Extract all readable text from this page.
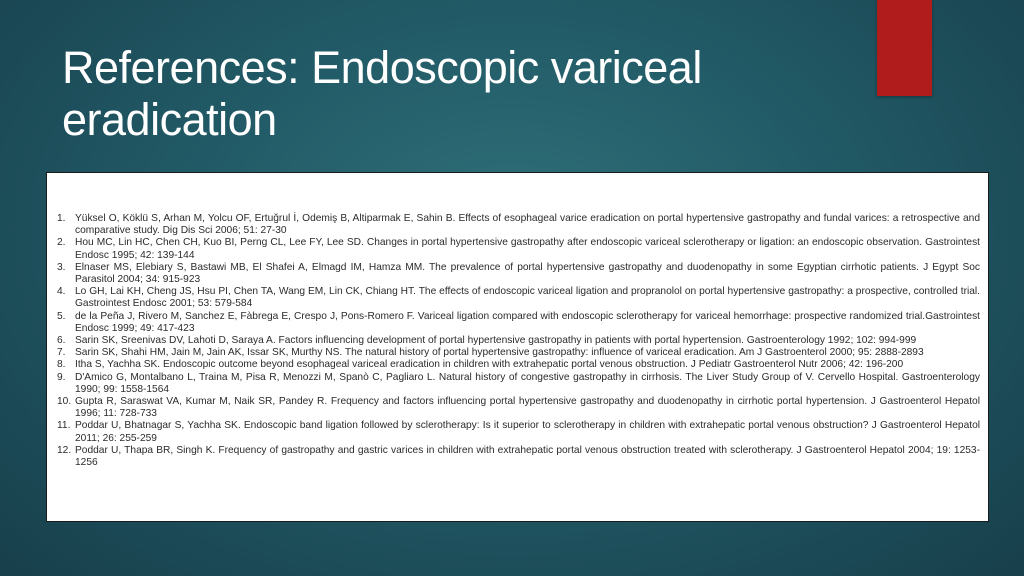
References: Endoscopic variceal
eradication
1. Yüksel O, Köklü S, Arhan M, Yolcu OF, Ertuğrul İ, Odemiş B, Altiparmak E, Sahin B. Effects of esophageal varice eradication on portal hypertensive gastropathy and fundal varices: a retrospective and comparative study. Dig Dis Sci 2006; 51: 27-30
2. Hou MC, Lin HC, Chen CH, Kuo BI, Perng CL, Lee FY, Lee SD. Changes in portal hypertensive gastropathy after endoscopic variceal sclerotherapy or ligation: an endoscopic observation. Gastrointest Endosc 1995; 42: 139-144
3. Elnaser MS, Elebiary S, Bastawi MB, El Shafei A, Elmagd IM, Hamza MM. The prevalence of portal hypertensive gastropathy and duodenopathy in some Egyptian cirrhotic patients. J Egypt Soc Parasitol 2004; 34: 915-923
4. Lo GH, Lai KH, Cheng JS, Hsu PI, Chen TA, Wang EM, Lin CK, Chiang HT. The effects of endoscopic variceal ligation and propranolol on portal hypertensive gastropathy: a prospective, controlled trial. Gastrointest Endosc 2001; 53: 579-584
5. de la Peña J, Rivero M, Sanchez E, Fàbrega E, Crespo J, Pons-Romero F. Variceal ligation compared with endoscopic sclerotherapy for variceal hemorrhage: prospective randomized trial.Gastrointest Endosc 1999; 49: 417-423
6. Sarin SK, Sreenivas DV, Lahoti D, Saraya A. Factors influencing development of portal hypertensive gastropathy in patients with portal hypertension. Gastroenterology 1992; 102: 994-999
7. Sarin SK, Shahi HM, Jain M, Jain AK, Issar SK, Murthy NS. The natural history of portal hypertensive gastropathy: influence of variceal eradication. Am J Gastroenterol 2000; 95: 2888-2893
8. Itha S, Yachha SK. Endoscopic outcome beyond esophageal variceal eradication in children with extrahepatic portal venous obstruction. J Pediatr Gastroenterol Nutr 2006; 42: 196-200
9. D'Amico G, Montalbano L, Traina M, Pisa R, Menozzi M, Spanò C, Pagliaro L. Natural history of congestive gastropathy in cirrhosis. The Liver Study Group of V. Cervello Hospital. Gastroenterology 1990; 99: 1558-1564
10. Gupta R, Saraswat VA, Kumar M, Naik SR, Pandey R. Frequency and factors influencing portal hypertensive gastropathy and duodenopathy in cirrhotic portal hypertension. J Gastroenterol Hepatol 1996; 11: 728-733
11. Poddar U, Bhatnagar S, Yachha SK. Endoscopic band ligation followed by sclerotherapy: Is it superior to sclerotherapy in children with extrahepatic portal venous obstruction? J Gastroenterol Hepatol 2011; 26: 255-259
12. Poddar U, Thapa BR, Singh K. Frequency of gastropathy and gastric varices in children with extrahepatic portal venous obstruction treated with sclerotherapy. J Gastroenterol Hepatol 2004; 19: 1253-1256
